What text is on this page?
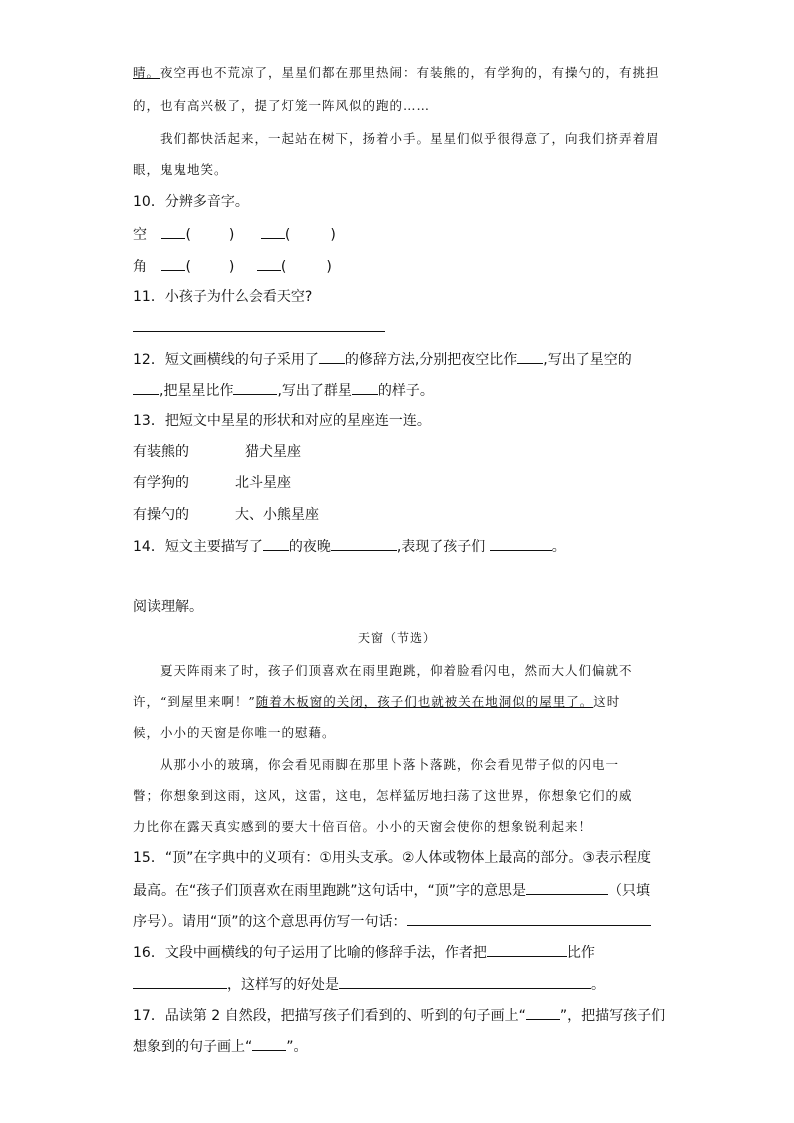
晴。夜空再也不荒凉了，星星们都在那里热闹：有装熊的，有学狗的，有操勺的，有挑担
的，也有高兴极了，提了灯笼一阵风似的跑的……
我们都快活起来，一起站在树下，扬着小手。星星们似乎很得意了，向我们挤弄着眉
眼，鬼鬼地笑。
10．分辨多音字。
空	(	)	(	)
角	(	)	(	)
11．小孩子为什么会看天空?
12．短文画横线的句子采用了 的修辞方法,分别把夜空比作 ,写出了星空的
,把星星比作	,写出了群星 的样子。
13．把短文中星星的形状和对应的星座连一连。
有装熊的	猎犬星座
有学狗的	北斗星座
有操勺的	大、小熊星座
14．短文主要描写了 的夜晚	,表现了孩子们	。
阅读理解。
天窗（节选）
夏天阵雨来了时，孩子们顶喜欢在雨里跑跳，仰着脸看闪电，然而大人们偏就不
许，“到屋里来啊！”随着木板窗的关闭，孩子们也就被关在地洞似的屋里了。这时
候，小小的天窗是你唯一的慰藉。
从那小小的玻璃，你会看见雨脚在那里卜落卜落跳，你会看见带子似的闪电一
瞥；你想象到这雨，这风，这雷，这电，怎样猛厉地扫荡了这世界，你想象它们的威
力比你在露天真实感到的要大十倍百倍。小小的天窗会使你的想象锐利起来！
15．“顶”在字典中的义项有：①用头支承。②人体或物体上最高的部分。③表示程度
最高。在“孩子们顶喜欢在雨里跑跳”这句话中，“顶”字的意思是	（只填
序号）。请用“顶”的这个意思再仿写一句话：
16．文段中画横线的句子运用了比喻的修辞手法，作者把	比作
，这样写的好处是	。
17．品读第 2 自然段，把描写孩子们看到的、听到的句子画上“ ”，把描写孩子们
想象到的句子画上“ ”。
